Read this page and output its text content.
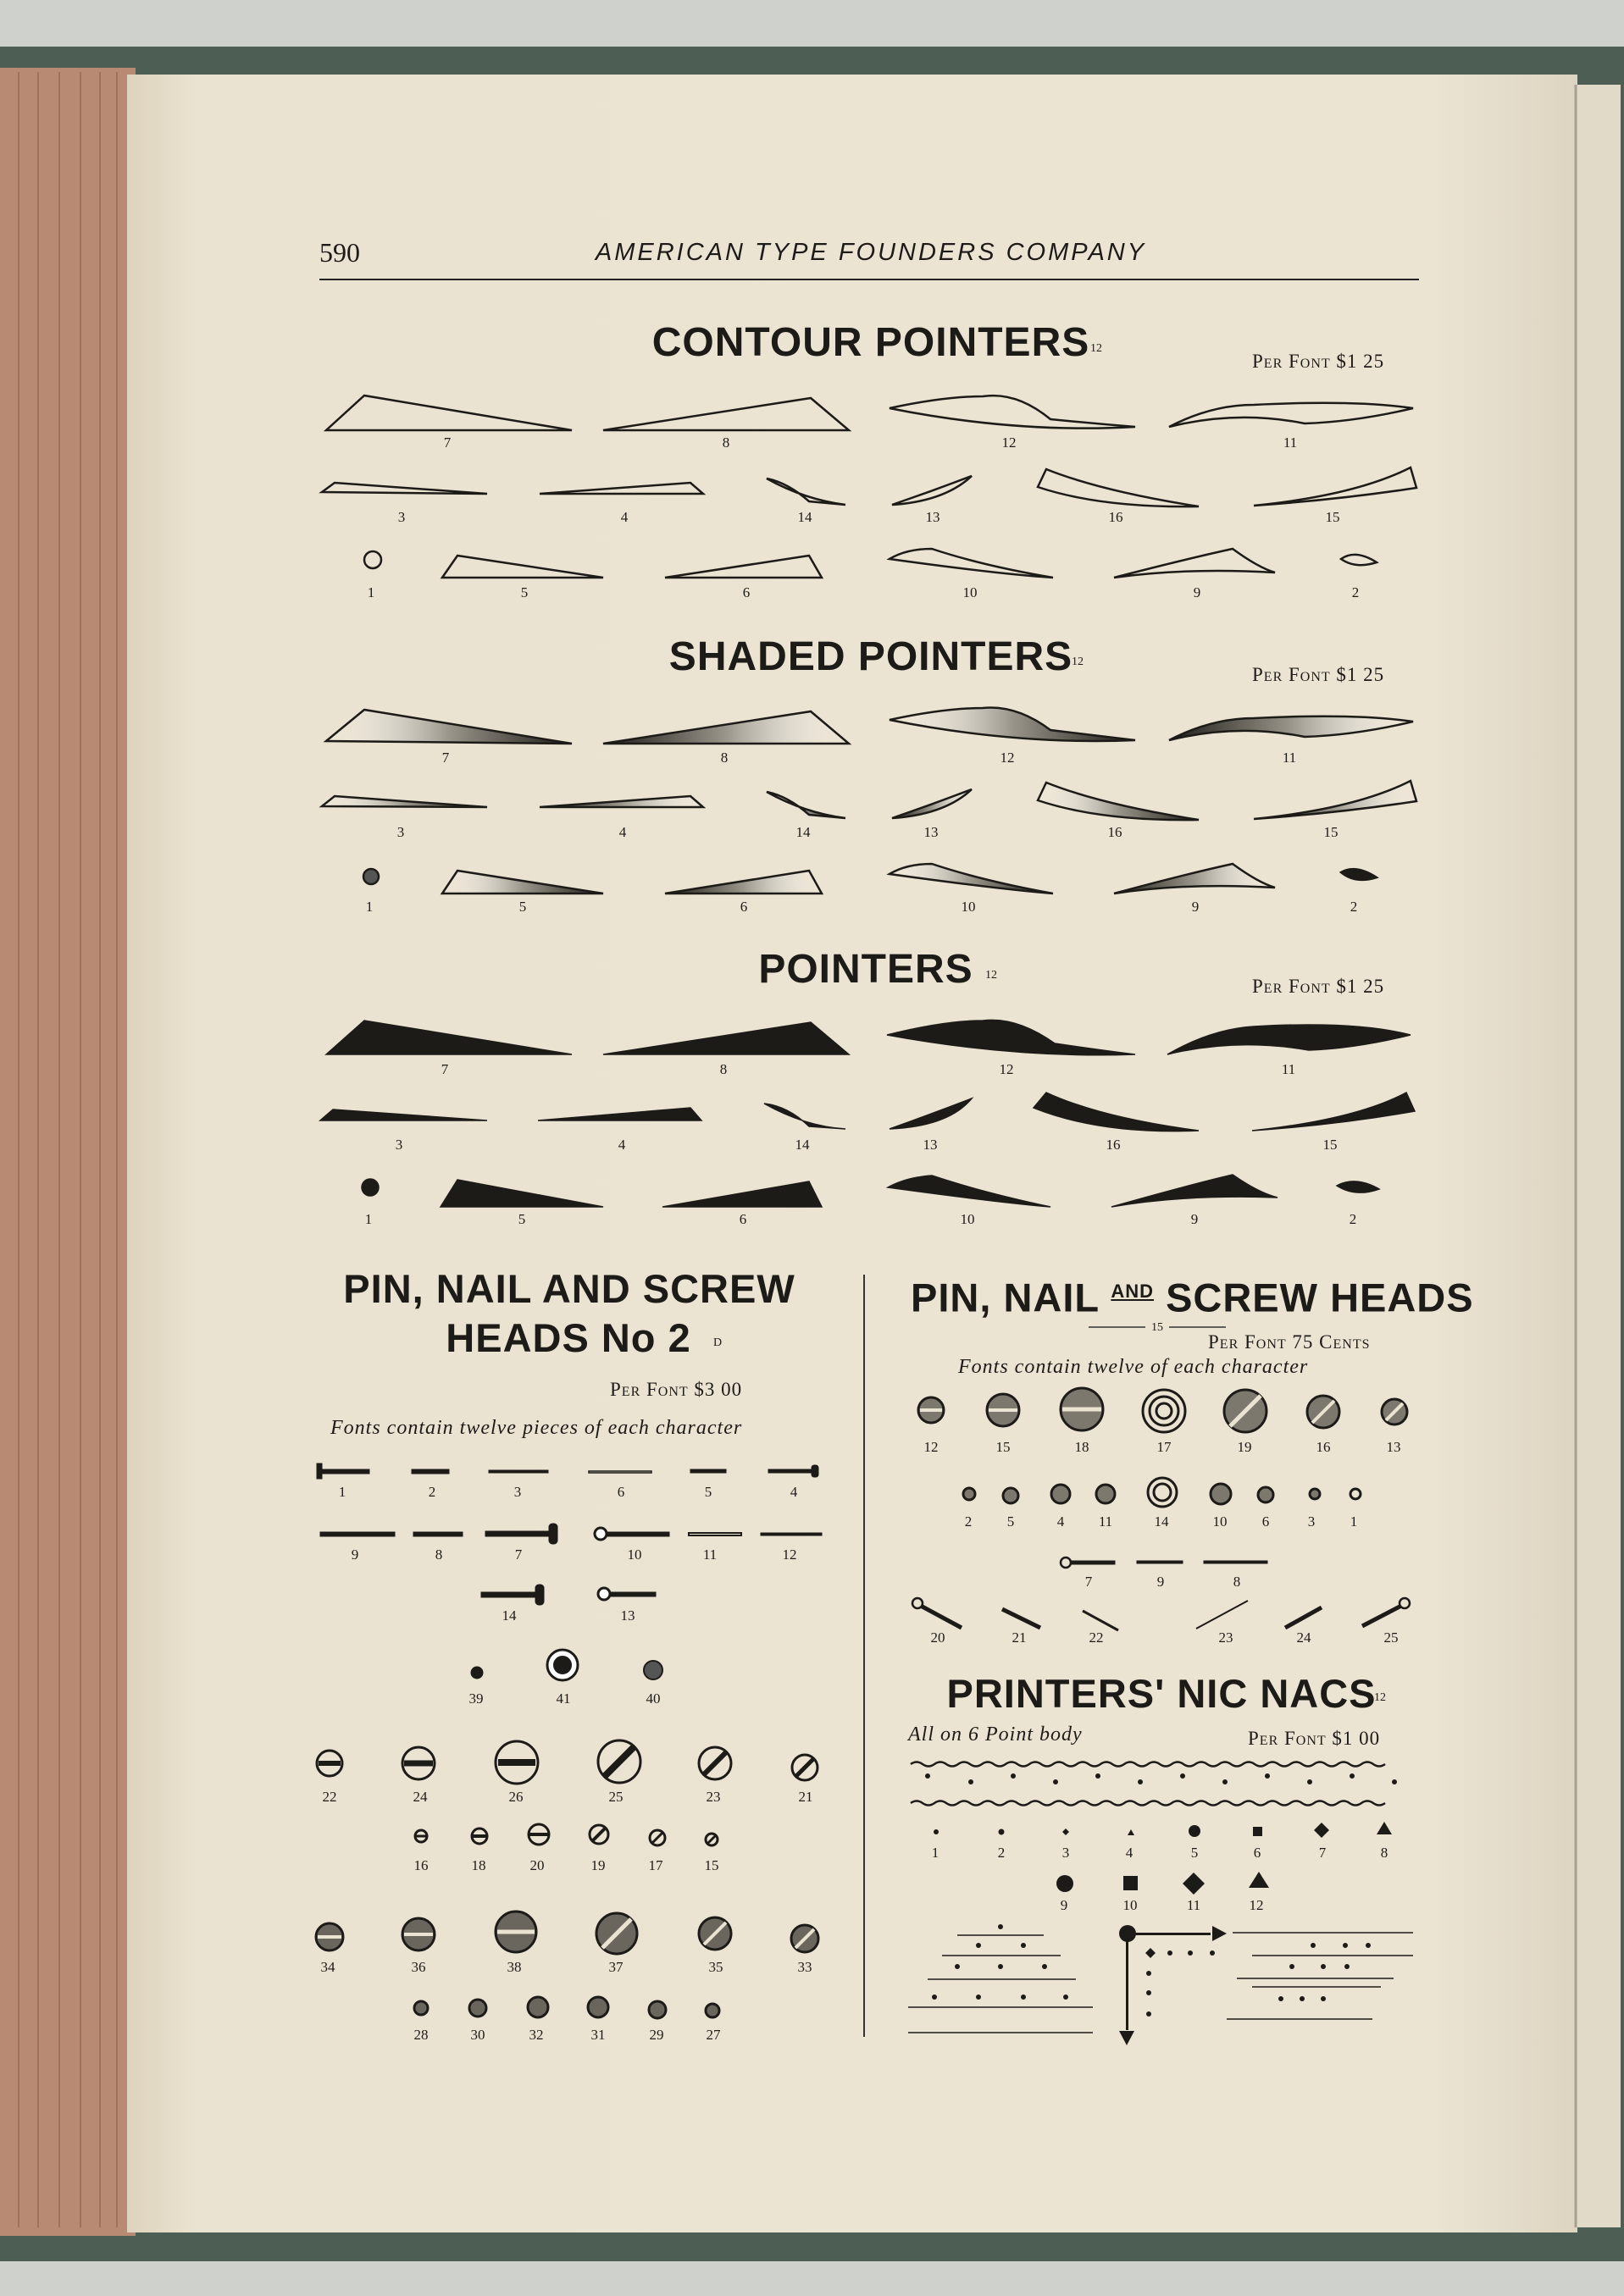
590	AMERICAN TYPE FOUNDERS COMPANY
CONTOUR POINTERS 12
Per Font $1 25
7	8	12	11
3	4	14	13	16	15
1	5	6	10	9	2
SHADED POINTERS
12
Per Font $1 25
7	8	12	11
3	4	14	13	16	15
1	5	6	10	9	2
POINTERS 12
Per Font $1 25
7	8	12	11
3	4	14	13	16	15
1	5	6	10	9	2
PIN, NAIL AND SCREW
HEADS No 2 D
Per Font $3 00
Fonts contain twelve pieces of each character
1	2	3	6	5	4
9	8	7	10	11	12
14	13
39	41	40
22	24	26	25	23	21
16	18	20	19	17	15
34	36	38	37	35	33
28	30	32	31	29	27
PIN, NAIL $^{AND}$ SCREW HEADS
15
Per Font 75 Cents
Fonts contain twelve of each character
12	15	18	17	19	16	13
2 5	4 11	14	10 6	3 1
7	9	8
20	21	22	23	24	25
PRINTERS' NIC NACS
12
All on 6 Point body	Per Font $1 00
1	2	3	4	5	6	7	8
9	10	11	12
